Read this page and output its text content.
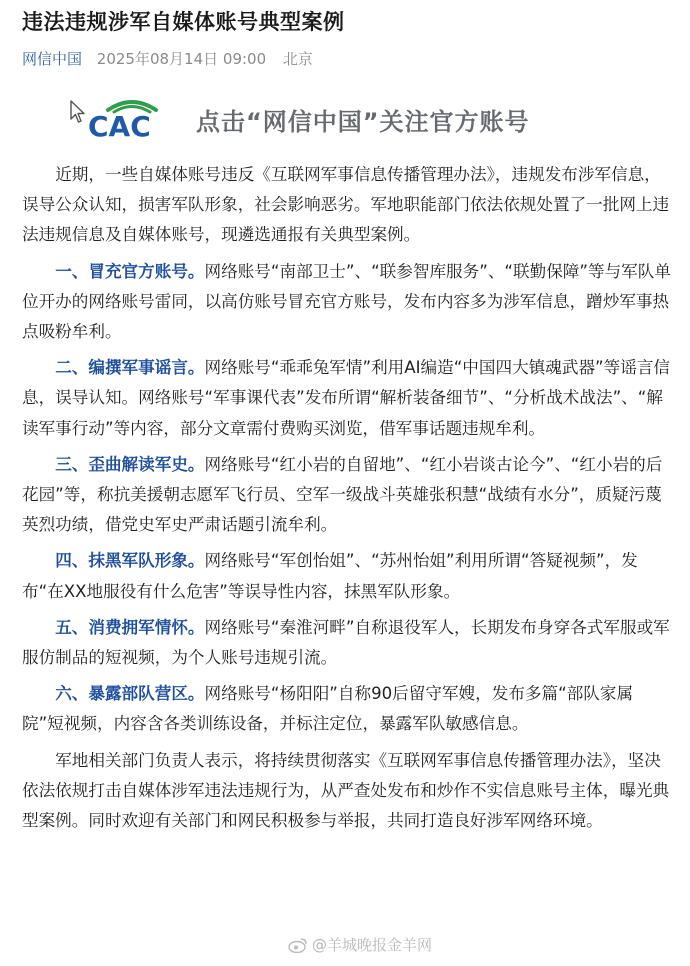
违法违规涉军自媒体账号典型案例
网信中国 2025年08月14日 09:00 北京
CAC 点击“网信中国”关注官方账号

近期，一些自媒体账号违反《互联网军事信息传播管理办法》，违规发布涉军信息，误导公众认知，损害军队形象，社会影响恶劣。军地职能部门依法依规处置了一批网上违法违规信息及自媒体账号，现遴选通报有关典型案例。

一、冒充官方账号。网络账号“南部卫士”、“联参智库服务”、“联勤保障”等与军队单位开办的网络账号雷同，以高仿账号冒充官方账号，发布内容多为涉军信息，蹭炒军事热点吸粉牟利。

二、编撰军事谣言。网络账号“乖乖兔军情”利用AI编造“中国四大镇魂武器”等谣言信息，误导认知。网络账号“军事课代表”发布所谓“解析装备细节”、“分析战术战法”、“解读军事行动”等内容，部分文章需付费购买浏览，借军事话题违规牟利。

三、歪曲解读军史。网络账号“红小岩的自留地”、“红小岩谈古论今”、“红小岩的后花园”等，称抗美援朝志愿军飞行员、空军一级战斗英雄张积慧“战绩有水分”，质疑污蔑英烈功绩，借党史军史严肃话题引流牟利。

四、抹黑军队形象。网络账号“军创怡姐”、“苏州怡姐”利用所谓“答疑视频”，发布“在XX地服役有什么危害”等误导性内容，抹黑军队形象。

五、消费拥军情怀。网络账号“秦淮河畔”自称退役军人，长期发布身穿各式军服或军服仿制品的短视频，为个人账号违规引流。

六、暴露部队营区。网络账号“杨阳阳”自称90后留守军嫂，发布多篇“部队家属院”短视频，内容含各类训练设备，并标注定位，暴露军队敏感信息。

军地相关部门负责人表示，将持续贯彻落实《互联网军事信息传播管理办法》，坚决依法依规打击自媒体涉军违法违规行为，从严查处发布和炒作不实信息账号主体，曝光典型案例。同时欢迎有关部门和网民积极参与举报，共同打造良好涉军网络环境。

@羊城晚报金羊网
